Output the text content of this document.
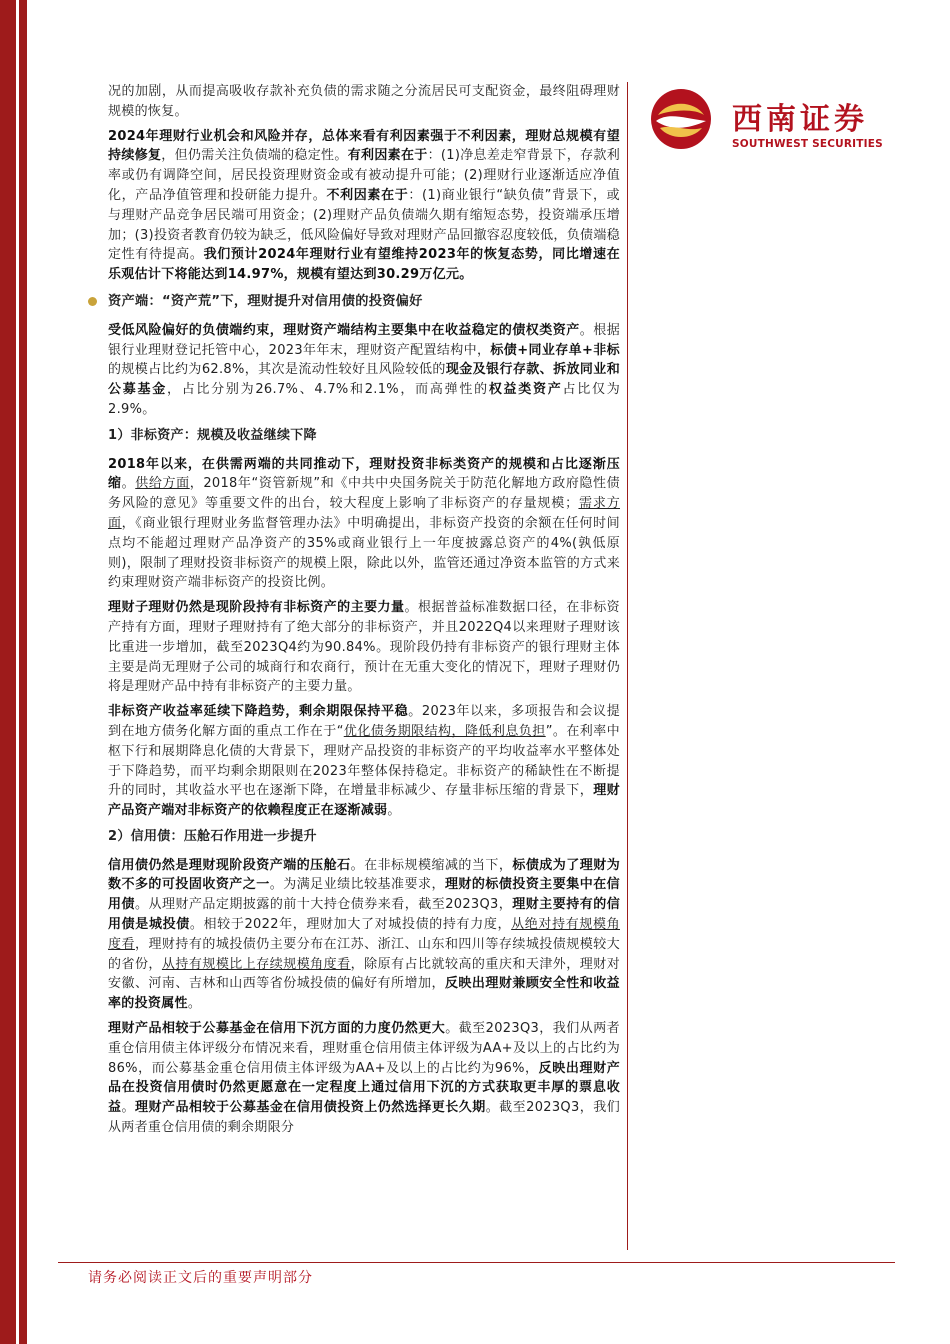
西南证券
SOUTHWEST SECURITIES

况的加剧，从而提高吸收存款补充负债的需求随之分流居民可支配资金，最终阻碍理财规模的恢复。

2024年理财行业机会和风险并存，总体来看有利因素强于不利因素，理财总规模有望持续修复，但仍需关注负债端的稳定性。有利因素在于：(1)净息差走窄背景下，存款利率或仍有调降空间，居民投资理财资金或有被动提升可能；(2)理财行业逐渐适应净值化，产品净值管理和投研能力提升。不利因素在于：(1)商业银行“缺负债”背景下，或与理财产品竞争居民端可用资金；(2)理财产品负债端久期有缩短态势，投资端承压增加；(3)投资者教育仍较为缺乏，低风险偏好导致对理财产品回撤容忍度较低，负债端稳定性有待提高。我们预计2024年理财行业有望维持2023年的恢复态势，同比增速在乐观估计下将能达到14.97%，规模有望达到30.29万亿元。

资产端：“资产荒”下，理财提升对信用债的投资偏好

受低风险偏好的负债端约束，理财资产端结构主要集中在收益稳定的债权类资产。根据银行业理财登记托管中心，2023年年末，理财资产配置结构中，标债+同业存单+非标的规模占比约为62.8%，其次是流动性较好且风险较低的现金及银行存款、拆放同业和公募基金，占比分别为26.7%、4.7%和2.1%，而高弹性的权益类资产占比仅为2.9%。

1）非标资产：规模及收益继续下降

2018年以来，在供需两端的共同推动下，理财投资非标类资产的规模和占比逐渐压缩。供给方面，2018年“资管新规”和《中共中央国务院关于防范化解地方政府隐性债务风险的意见》等重要文件的出台，较大程度上影响了非标资产的存量规模；需求方面，《商业银行理财业务监督管理办法》中明确提出，非标资产投资的余额在任何时间点均不能超过理财产品净资产的35%或商业银行上一年度披露总资产的4%(孰低原则)，限制了理财投资非标资产的规模上限，除此以外，监管还通过净资本监管的方式来约束理财资产端非标资产的投资比例。

理财子理财仍然是现阶段持有非标资产的主要力量。根据普益标准数据口径，在非标资产持有方面，理财子理财持有了绝大部分的非标资产，并且2022Q4以来理财子理财该比重进一步增加，截至2023Q4约为90.84%。现阶段仍持有非标资产的银行理财主体主要是尚无理财子公司的城商行和农商行，预计在无重大变化的情况下，理财子理财仍将是理财产品中持有非标资产的主要力量。

非标资产收益率延续下降趋势，剩余期限保持平稳。2023年以来，多项报告和会议提到在地方债务化解方面的重点工作在于“优化债务期限结构，降低利息负担”。在利率中枢下行和展期降息化债的大背景下，理财产品投资的非标资产的平均收益率水平整体处于下降趋势，而平均剩余期限则在2023年整体保持稳定。非标资产的稀缺性在不断提升的同时，其收益水平也在逐渐下降，在增量非标减少、存量非标压缩的背景下，理财产品资产端对非标资产的依赖程度正在逐渐减弱。

2）信用债：压舱石作用进一步提升

信用债仍然是理财现阶段资产端的压舱石。在非标规模缩减的当下，标债成为了理财为数不多的可投固收资产之一。为满足业绩比较基准要求，理财的标债投资主要集中在信用债。从理财产品定期披露的前十大持仓债券来看，截至2023Q3，理财主要持有的信用债是城投债。相较于2022年，理财加大了对城投债的持有力度，从绝对持有规模角度看，理财持有的城投债仍主要分布在江苏、浙江、山东和四川等存续城投债规模较大的省份，从持有规模比上存续规模角度看，除原有占比就较高的重庆和天津外，理财对安徽、河南、吉林和山西等省份城投债的偏好有所增加，反映出理财兼顾安全性和收益率的投资属性。

理财产品相较于公募基金在信用下沉方面的力度仍然更大。截至2023Q3，我们从两者重仓信用债主体评级分布情况来看，理财重仓信用债主体评级为AA+及以上的占比约为86%，而公募基金重仓信用债主体评级为AA+及以上的占比约为96%，反映出理财产品在投资信用债时仍然更愿意在一定程度上通过信用下沉的方式获取更丰厚的票息收益。理财产品相较于公募基金在信用债投资上仍然选择更长久期。截至2023Q3，我们从两者重仓信用债的剩余期限分

请务必阅读正文后的重要声明部分
